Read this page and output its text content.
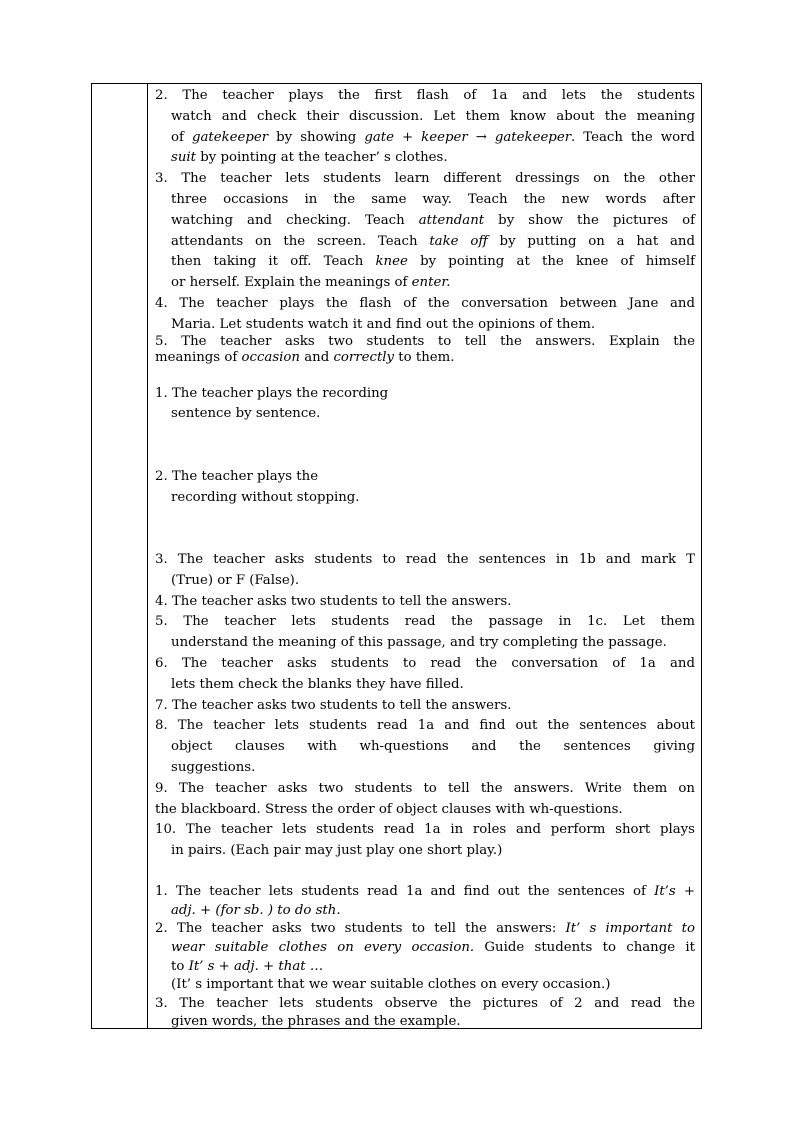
2. The teacher plays the first flash of 1a and lets the students
watch and check their discussion. Let them know about the meaning
of gatekeeper by showing gate + keeper → gatekeeper. Teach the word
suit by pointing at the teacher’ s clothes.
3. The teacher lets students learn different dressings on the other
three occasions in the same way. Teach the new words after
watching and checking. Teach attendant by show the pictures of
attendants on the screen. Teach take off by putting on a hat and
then taking it off. Teach knee by pointing at the knee of himself
or herself. Explain the meanings of enter.
4. The teacher plays the flash of the conversation between Jane and
Maria. Let students watch it and find out the opinions of them.
5. The teacher asks two students to tell the answers. Explain the
meanings of occasion and correctly to them.
1. The teacher plays the recording
sentence by sentence.
2. The teacher plays the
recording without stopping.
3. The teacher asks students to read the sentences in 1b and mark T
(True) or F (False).
4. The teacher asks two students to tell the answers.
5. The teacher lets students read the passage in 1c. Let them
understand the meaning of this passage, and try completing the passage.
6. The teacher asks students to read the conversation of 1a and
lets them check the blanks they have filled.
7. The teacher asks two students to tell the answers.
8. The teacher lets students read 1a and find out the sentences about
object clauses with wh-questions and the sentences giving
suggestions.
9. The teacher asks two students to tell the answers. Write them on
the blackboard. Stress the order of object clauses with wh-questions.
10. The teacher lets students read 1a in roles and perform short plays
in pairs. (Each pair may just play one short play.)
1. The teacher lets students read 1a and find out the sentences of It’s +
adj. + (for sb. ) to do sth.
2. The teacher asks two students to tell the answers: It’ s important to
wear suitable clothes on every occasion. Guide students to change it
to It’ s + adj. + that …
(It’ s important that we wear suitable clothes on every occasion.)
3. The teacher lets students observe the pictures of 2 and read the
given words, the phrases and the example.
